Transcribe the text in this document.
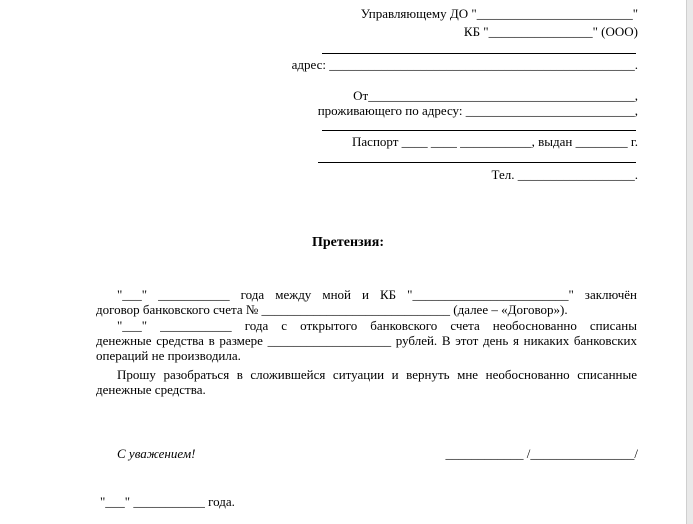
Управляющему ДО "________________________"
КБ "________________" (ООО)
адрес: _______________________________________________.
От_________________________________________,
проживающего по адресу: __________________________,
Паспорт ____ ____ ___________, выдан ________ г.
Тел. __________________.
Претензия:
"___" ___________ года между мной и КБ "________________________" заключён
договор банковского счета № _____________________________ (далее – «Договор»).
"___" ___________ года с открытого банковского счета необоснованно списаны
денежные средства в размере ___________________ рублей. В этот день я никаких банковских
операций не производила.
Прошу разобраться в сложившейся ситуации и вернуть мне необоснованно списанные
денежные средства.
С уважением!	____________ /________________/
"___" ___________ года.
